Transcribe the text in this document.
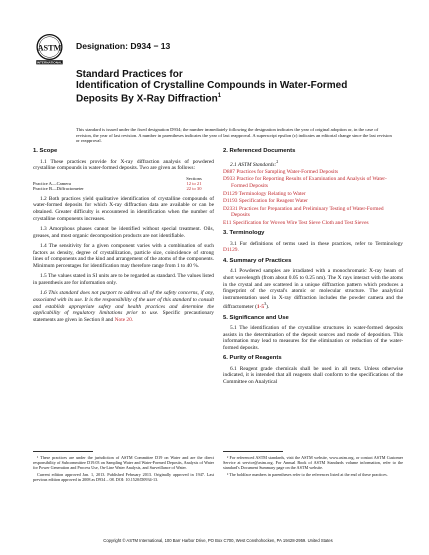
ASTM
INTERNATIONAL
Designation: D934 − 13
Standard Practices for
Identification of Crystalline Compounds in Water-Formed
Deposits By X-Ray Diffraction$^1$
This standard is issued under the fixed designation D934; the number immediately following the designation indicates the year of original adoption or, in the case of revision, the year of last revision. A number in parentheses indicates the year of last reapproval. A superscript epsilon (ε) indicates an editorial change since the last revision or reapproval.
1. Scope

1.1 These practices provide for X-ray diffraction analysis of powdered crystalline compounds in water-formed deposits. Two are given as follows:

	Sections
Practice A—Camera	12 to 21
Practice B—Diffractometer	22 to 30

1.2 Both practices yield qualitative identification of crystalline compounds of water-formed deposits for which X-ray diffraction data are available or can be obtained. Greater difficulty is encountered in identification when the number of crystalline components increases.

1.3 Amorphous phases cannot be identified without special treatment. Oils, greases, and most organic decomposition products are not identifiable.

1.4 The sensitivity for a given component varies with a combination of such factors as density, degree of crystallization, particle size, coincidence of strong lines of components and the kind and arrangement of the atoms of the components. Minimum percentages for identification may therefore range from 1 to 40 %.

1.5 The values stated in SI units are to be regarded as standard. The values listed in parenthesis are for information only.

1.6 This standard does not purport to address all of the safety concerns, if any, associated with its use. It is the responsibility of the user of this standard to consult and establish appropriate safety and health practices and determine the applicability of regulatory limitations prior to use. Specific precautionary statements are given in Section 8 and Note 20.

2. Referenced Documents

2.1 ASTM Standards:$^2$

D887 Practices for Sampling Water-Formed Deposits
D933 Practice for Reporting Results of Examination and Analysis of Water-Formed Deposits
D1129 Terminology Relating to Water
D1193 Specification for Reagent Water
D2331 Practices for Preparation and Preliminary Testing of Water-Formed Deposits
E11 Specification for Woven Wire Test Sieve Cloth and Test Sieves
3. Terminology

3.1 For definitions of terms used in these practices, refer to Terminology D1129.

4. Summary of Practices

4.1 Powdered samples are irradiated with a monochromatic X-ray beam of short wavelength (from about 0.05 to 0.25 nm). The X rays interact with the atoms in the crystal and are scattered in a unique diffraction pattern which produces a fingerprint of the crystal's atomic or molecular structure. The analytical instrumentation used in X-ray diffraction includes the powder camera and the diffractometer $(1-5^3)$.

5. Significance and Use

5.1 The identification of the crystalline structures in water-formed deposits assists in the determination of the deposit sources and mode of deposition. This information may lead to measures for the elimination or reduction of the water-formed deposits.

6. Purity of Reagents

6.1 Reagent grade chemicals shall be used in all tests. Unless otherwise indicated, it is intended that all reagents shall conform to the specifications of the Committee on Analytical

¹ These practices are under the jurisdiction of ASTM Committee D19 on Water and are the direct responsibility of Subcommittee D19.03 on Sampling Water and Water-Formed Deposits, Analysis of Water for Power Generation and Process Use, On-Line Water Analysis, and Surveillance of Water.

Current edition approved Jan. 1, 2013. Published February 2013. Originally approved in 1947. Last previous edition approved in 2008 as D934 – 08. DOI: 10.1520/D0934-13.

² For referenced ASTM standards, visit the ASTM website, www.astm.org, or contact ASTM Customer Service at service@astm.org. For Annual Book of ASTM Standards volume information, refer to the standard's Document Summary page on the ASTM website.

³ The boldface numbers in parentheses refer to the references listed at the end of these practices.

Copyright © ASTM International, 100 Barr Harbor Drive, PO Box C700, West Conshohocken, PA 19428-2959. United States
